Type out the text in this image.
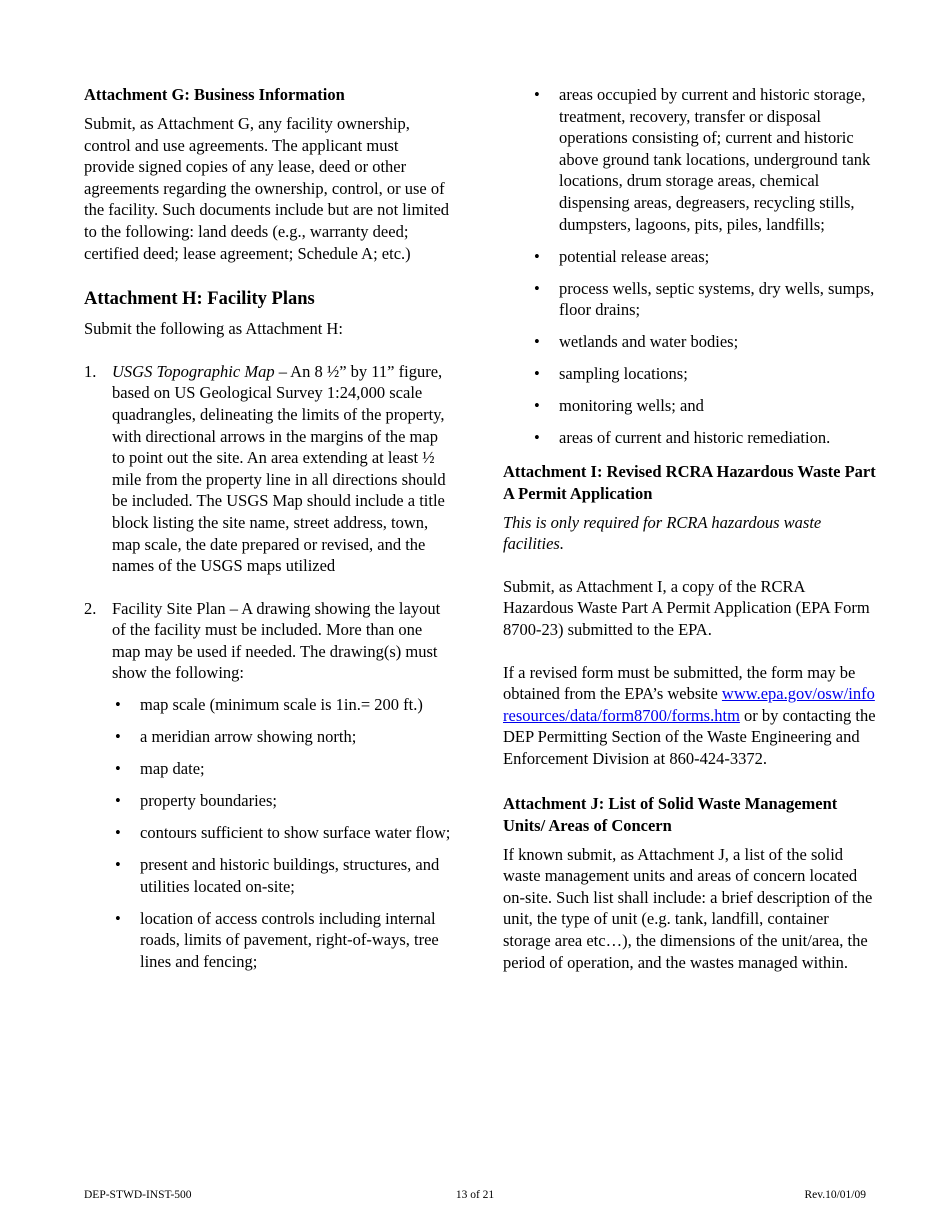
Attachment G: Business Information

Submit, as Attachment G, any facility ownership, control and use agreements. The applicant must provide signed copies of any lease, deed or other agreements regarding the ownership, control, or use of the facility. Such documents include but are not limited to the following: land deeds (e.g., warranty deed; certified deed; lease agreement; Schedule A; etc.)

Attachment H: Facility Plans

Submit the following as Attachment H:

1. USGS Topographic Map – An 8 ½” by 11” figure, based on US Geological Survey 1:24,000 scale quadrangles, delineating the limits of the property, with directional arrows in the margins of the map to point out the site. An area extending at least ½ mile from the property line in all directions should be included. The USGS Map should include a title block listing the site name, street address, town, map scale, the date prepared or revised, and the names of the USGS maps utilized
2. Facility Site Plan – A drawing showing the layout of the facility must be included. More than one map may be used if needed. The drawing(s) must show the following:

•	map scale (minimum scale is 1in.= 200 ft.)
•	a meridian arrow showing north;
•	map date;
•	property boundaries;
•	contours sufficient to show surface water flow;
•	present and historic buildings, structures, and utilities located on-site;
•	location of access controls including internal roads, limits of pavement, right-of-ways, tree lines and fencing;
•	areas occupied by current and historic storage, treatment, recovery, transfer or disposal operations consisting of; current and historic above ground tank locations, underground tank locations, drum storage areas, chemical dispensing areas, degreasers, recycling stills, dumpsters, lagoons, pits, piles, landfills;
•	potential release areas;
•	process wells, septic systems, dry wells, sumps, floor drains;
•	wetlands and water bodies;
•	sampling locations;
•	monitoring wells; and
•	areas of current and historic remediation.
Attachment I: Revised RCRA Hazardous Waste Part A Permit Application

This is only required for RCRA hazardous waste facilities.

Submit, as Attachment I, a copy of the RCRA Hazardous Waste Part A Permit Application (EPA Form 8700-23) submitted to the EPA.

If a revised form must be submitted, the form may be obtained from the EPA’s website www.epa.gov/osw/inforesources/data/form8700/forms.htm or by contacting the DEP Permitting Section of the Waste Engineering and Enforcement Division at 860-424-3372.

Attachment J: List of Solid Waste Management Units/ Areas of Concern

If known submit, as Attachment J, a list of the solid waste management units and areas of concern located on-site. Such list shall include: a brief description of the unit, the type of unit (e.g. tank, landfill, container storage area etc…), the dimensions of the unit/area, the period of operation, and the wastes managed within.

DEP-STWD-INST-500	13 of 21	Rev.10/01/09
